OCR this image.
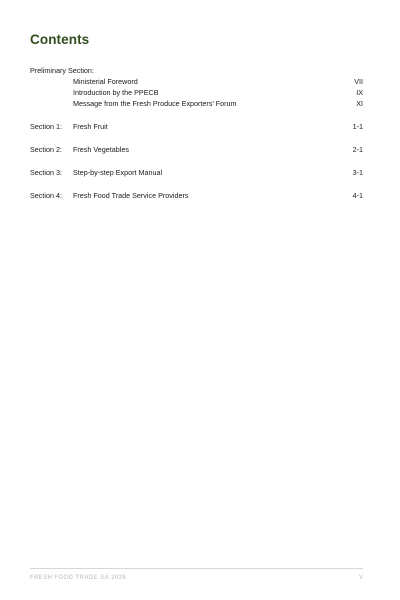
Contents
Preliminary Section:
Ministerial Foreword	VII
Introduction by the PPECB	IX
Message from the Fresh Produce Exporters’ Forum	XI
Section 1:	Fresh Fruit	1-1
Section 2:	Fresh Vegetables	2-1
Section 3:	Step-by-step Export Manual	3-1
Section 4:	Fresh Food Trade Service Providers	4-1
FRESH FOOD TRADE SA 2026	V
